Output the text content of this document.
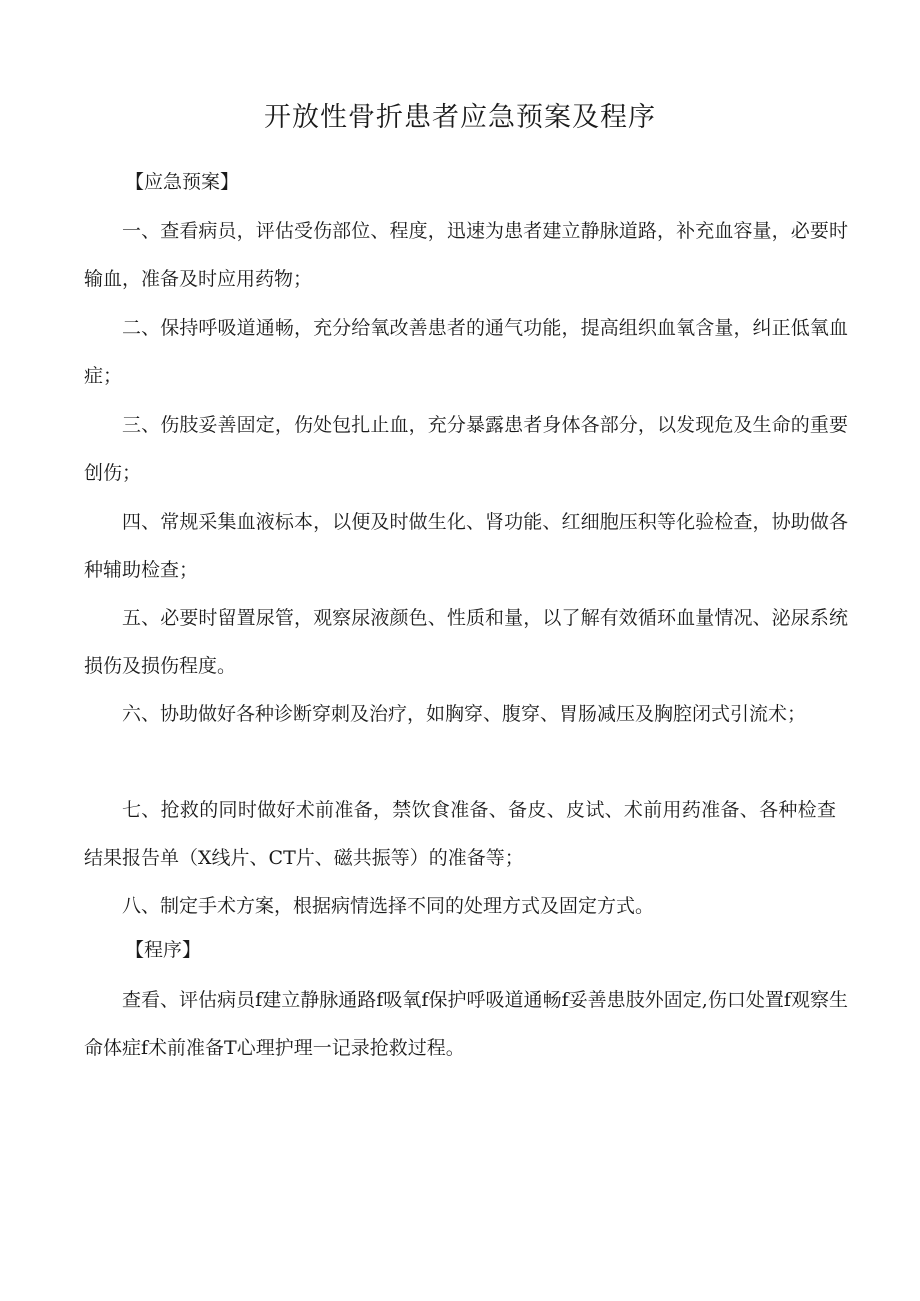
开放性骨折患者应急预案及程序

【应急预案】

一、查看病员，评估受伤部位、程度，迅速为患者建立静脉道路，补充血容量，必要时输血，准备及时应用药物；

二、保持呼吸道通畅，充分给氧改善患者的通气功能，提高组织血氧含量，纠正低氧血症；

三、伤肢妥善固定，伤处包扎止血，充分暴露患者身体各部分，以发现危及生命的重要创伤；

四、常规采集血液标本，以便及时做生化、肾功能、红细胞压积等化验检查，协助做各种辅助检查；

五、必要时留置尿管，观察尿液颜色、性质和量，以了解有效循环血量情况、泌尿系统损伤及损伤程度。

六、协助做好各种诊断穿刺及治疗，如胸穿、腹穿、胃肠减压及胸腔闭式引流术；

七、抢救的同时做好术前准备，禁饮食准备、备皮、皮试、术前用药准备、各种检查结果报告单（X线片、CT片、磁共振等）的准备等；

八、制定手术方案，根据病情选择不同的处理方式及固定方式。

【程序】

查看、评估病员f建立静脉通路f吸氧f保护呼吸道通畅f妥善患肢外固定,伤口处置f观察生命体症f术前准备T心理护理一记录抢救过程。
